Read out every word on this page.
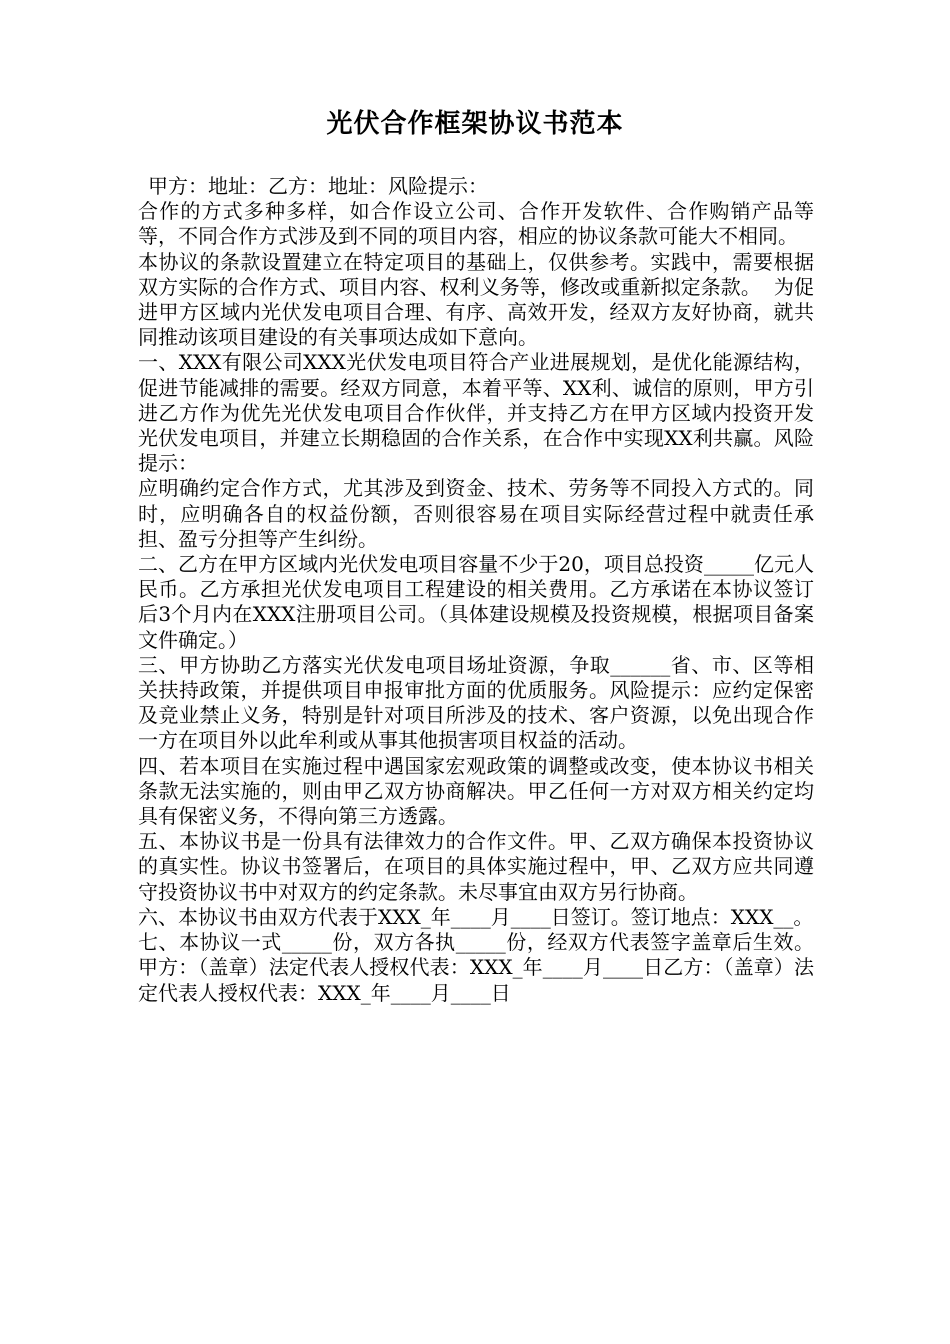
光伏合作框架协议书范本

甲方：地址：乙方：地址：风险提示：

合作的方式多种多样，如合作设立公司、合作开发软件、合作购销产品等等，不同合作方式涉及到不同的项目内容，相应的协议条款可能大不相同。

本协议的条款设置建立在特定项目的基础上，仅供参考。实践中，需要根据双方实际的合作方式、项目内容、权利义务等，修改或重新拟定条款。  为促进甲方区域内光伏发电项目合理、有序、高效开发，经双方友好协商，就共同推动该项目建设的有关事项达成如下意向。

一、XXX有限公司XXX光伏发电项目符合产业进展规划，是优化能源结构，促进节能减排的需要。经双方同意，本着平等、XX利、诚信的原则，甲方引进乙方作为优先光伏发电项目合作伙伴，并支持乙方在甲方区域内投资开发光伏发电项目，并建立长期稳固的合作关系，在合作中实现XX利共赢。风险提示：

应明确约定合作方式，尤其涉及到资金、技术、劳务等不同投入方式的。同时，应明确各自的权益份额，否则很容易在项目实际经营过程中就责任承担、盈亏分担等产生纠纷。

二、乙方在甲方区域内光伏发电项目容量不少于20，项目总投资_____亿元人民币。乙方承担光伏发电项目工程建设的相关费用。乙方承诺在本协议签订后3个月内在XXX注册项目公司。（具体建设规模及投资规模，根据项目备案文件确定。）

三、甲方协助乙方落实光伏发电项目场址资源，争取______省、市、区等相关扶持政策，并提供项目申报审批方面的优质服务。风险提示：应约定保密及竞业禁止义务，特别是针对项目所涉及的技术、客户资源，以免出现合作一方在项目外以此牟利或从事其他损害项目权益的活动。

四、若本项目在实施过程中遇国家宏观政策的调整或改变，使本协议书相关条款无法实施的，则由甲乙双方协商解决。甲乙任何一方对双方相关约定均具有保密义务，不得向第三方透露。

五、本协议书是一份具有法律效力的合作文件。甲、乙双方确保本投资协议的真实性。协议书签署后，在项目的具体实施过程中，甲、乙双方应共同遵守投资协议书中对双方的约定条款。未尽事宜由双方另行协商。

六、本协议书由双方代表于XXX_年____月____日签订。签订地点：XXX__。

七、本协议一式_____份，双方各执_____份，经双方代表签字盖章后生效。甲方：（盖章）法定代表人授权代表：XXX_年____月____日乙方：（盖章）法定代表人授权代表：XXX_年____月____日
